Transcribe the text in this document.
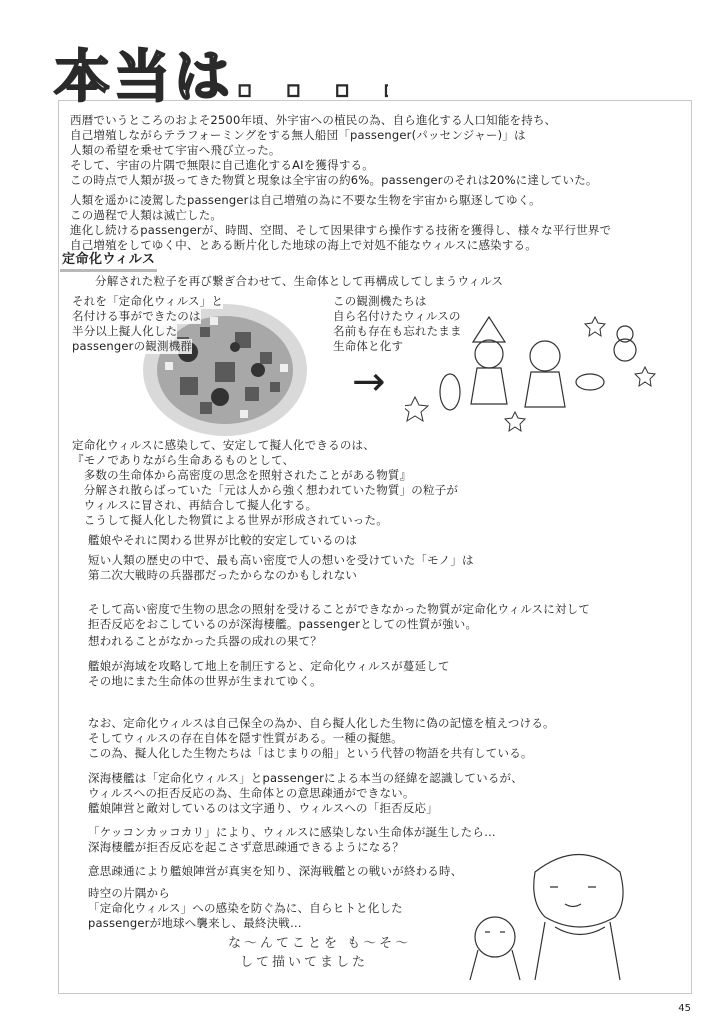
本当は. . . .
西暦でいうところのおよそ2500年頃、外宇宙への植民の為、自ら進化する人口知能を持ち、
自己増殖しながらテラフォーミングをする無人船団「passenger(パッセンジャー)」は
人類の希望を乗せて宇宙へ飛び立った。
そして、宇宙の片隅で無限に自己進化するAIを獲得する。
この時点で人類が扱ってきた物質と現象は全宇宙の約6%。passengerのそれは20%に達していた。
人類を遥かに凌駕したpassengerは自己増殖の為に不要な生物を宇宙から駆逐してゆく。
この過程で人類は滅亡した。
進化し続けるpassengerが、時間、空間、そして因果律すら操作する技術を獲得し、様々な平行世界で
自己増殖をしてゆく中、とある断片化した地球の海上で対処不能なウィルスに感染する。
定命化ウィルス
分解された粒子を再び繋ぎ合わせて、生命体として再構成してしまうウィルス
それを「定命化ウィルス」と
名付ける事ができたのは
半分以上擬人化した
passengerの観測機群
→
この観測機たちは
自ら名付けたウィルスの
名前も存在も忘れたまま
生命体と化す
定命化ウィルスに感染して、安定して擬人化できるのは、
『モノでありながら生命あるものとして、
　多数の生命体から高密度の思念を照射されたことがある物質』
　分解され散らばっていた「元は人から強く想われていた物質」の粒子が
　ウィルスに冒され、再結合して擬人化する。
　こうして擬人化した物質による世界が形成されていった。
艦娘やそれに関わる世界が比較的安定しているのは
短い人類の歴史の中で、最も高い密度で人の想いを受けていた「モノ」は
第二次大戦時の兵器郡だったからなのかもしれない
そして高い密度で生物の思念の照射を受けることができなかった物質が定命化ウィルスに対して
拒否反応をおこしているのが深海棲艦。passengerとしての性質が強い。
想われることがなかった兵器の成れの果て？
艦娘が海域を攻略して地上を制圧すると、定命化ウィルスが蔓延して
その地にまた生命体の世界が生まれてゆく。
なお、定命化ウィルスは自己保全の為か、自ら擬人化した生物に偽の記憶を植えつける。
そしてウィルスの存在自体を隠す性質がある。一種の擬態。
この為、擬人化した生物たちは「はじまりの船」という代替の物語を共有している。
深海棲艦は「定命化ウィルス」とpassengerによる本当の経緯を認識しているが、
ウィルスへの拒否反応の為、生命体との意思疎通ができない。
艦娘陣営と敵対しているのは文字通り、ウィルスへの「拒否反応」
「ケッコンカッコカリ」により、ウィルスに感染しない生命体が誕生したら…
深海棲艦が拒否反応を起こさず意思疎通できるようになる？
意思疎通により艦娘陣営が真実を知り、深海戦艦との戦いが終わる時、
時空の片隅から
「定命化ウィルス」への感染を防ぐ為に、自らヒトと化した
passengerが地球へ襲来し、最終決戦…
な〜んてことを も〜そ〜
して描いてました
45
